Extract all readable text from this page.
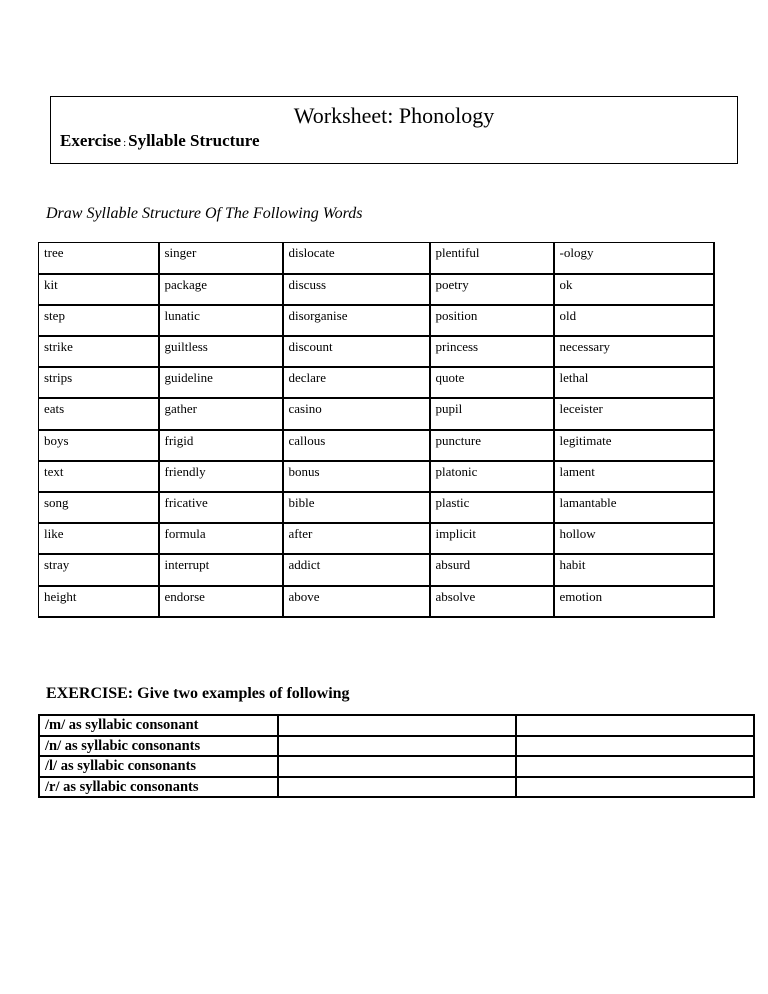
Worksheet: Phonology
Exercise : Syllable Structure
Draw Syllable Structure Of The Following Words
tree	singer	dislocate	plentiful	-ology
kit	package	discuss	poetry	ok
step	lunatic	disorganise	position	old
strike	guiltless	discount	princess	necessary
strips	guideline	declare	quote	lethal
eats	gather	casino	pupil	leceister
boys	frigid	callous	puncture	legitimate
text	friendly	bonus	platonic	lament
song	fricative	bible	plastic	lamantable
like	formula	after	implicit	hollow
stray	interrupt	addict	absurd	habit
height	endorse	above	absolve	emotion
EXERCISE: Give two examples of following
/m/ as syllabic consonant		
/n/ as syllabic consonants		
/l/ as syllabic consonants		
/r/ as syllabic consonants		
